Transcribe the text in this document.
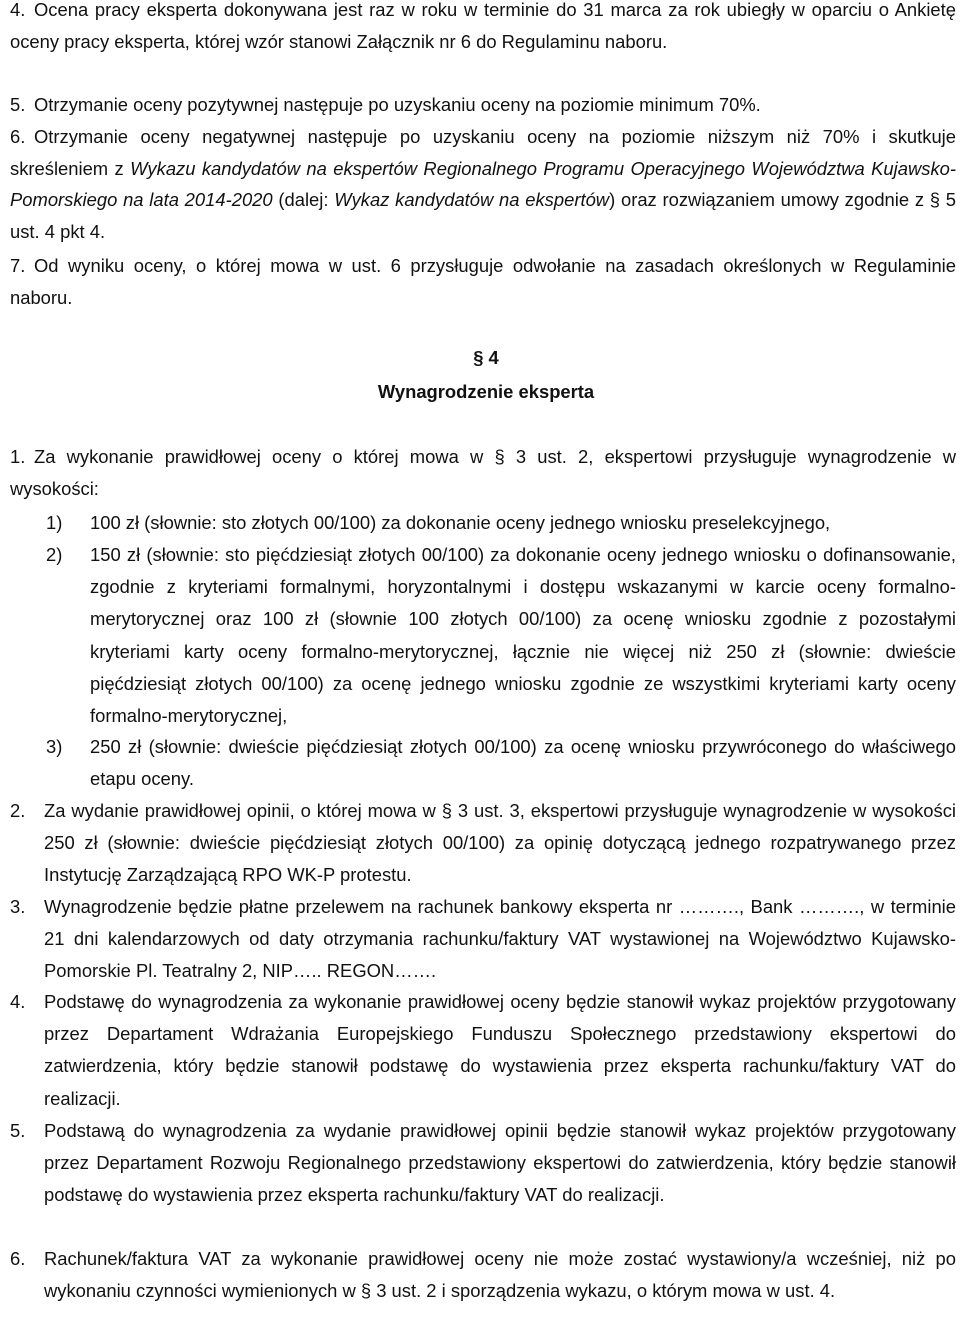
4. Ocena pracy eksperta dokonywana jest raz w roku w terminie do 31 marca za rok ubiegły w oparciu o Ankietę oceny pracy eksperta, której wzór stanowi Załącznik nr 6 do Regulaminu naboru.

5. Otrzymanie oceny pozytywnej następuje po uzyskaniu oceny na poziomie minimum 70%.

6. Otrzymanie oceny negatywnej następuje po uzyskaniu oceny na poziomie niższym niż 70% i skutkuje skreśleniem z Wykazu kandydatów na ekspertów Regionalnego Programu Operacyjnego Województwa Kujawsko-Pomorskiego na lata 2014-2020 (dalej: Wykaz kandydatów na ekspertów) oraz rozwiązaniem umowy zgodnie z § 5 ust. 4 pkt 4.

7. Od wyniku oceny, o której mowa w ust. 6 przysługuje odwołanie na zasadach określonych w Regulaminie naboru.

§ 4

Wynagrodzenie eksperta

1. Za wykonanie prawidłowej oceny o której mowa w § 3 ust. 2, ekspertowi przysługuje wynagrodzenie w wysokości:

1) 100 zł (słownie: sto złotych 00/100) za dokonanie oceny jednego wniosku preselekcyjnego,
2) 150 zł (słownie: sto pięćdziesiąt złotych 00/100) za dokonanie oceny jednego wniosku o dofinansowanie, zgodnie z kryteriami formalnymi, horyzontalnymi i dostępu wskazanymi w karcie oceny formalno-merytorycznej oraz 100 zł (słownie 100 złotych 00/100) za ocenę wniosku zgodnie z pozostałymi kryteriami karty oceny formalno-merytorycznej, łącznie nie więcej niż 250 zł (słownie: dwieście pięćdziesiąt złotych 00/100) za ocenę jednego wniosku zgodnie ze wszystkimi kryteriami karty oceny formalno-merytorycznej,
3) 250 zł (słownie: dwieście pięćdziesiąt złotych 00/100) za ocenę wniosku przywróconego do właściwego etapu oceny.
2. Za wydanie prawidłowej opinii, o której mowa w § 3 ust. 3, ekspertowi przysługuje wynagrodzenie w wysokości 250 zł (słownie: dwieście pięćdziesiąt złotych 00/100) za opinię dotyczącą jednego rozpatrywanego przez Instytucję Zarządzającą RPO WK-P protestu.
3. Wynagrodzenie będzie płatne przelewem na rachunek bankowy eksperta nr ………., Bank ………., w terminie 21 dni kalendarzowych od daty otrzymania rachunku/faktury VAT wystawionej na Województwo Kujawsko-Pomorskie Pl. Teatralny 2, NIP….. REGON…….
4. Podstawę do wynagrodzenia za wykonanie prawidłowej oceny będzie stanowił wykaz projektów przygotowany przez Departament Wdrażania Europejskiego Funduszu Społecznego przedstawiony ekspertowi do zatwierdzenia, który będzie stanowił podstawę do wystawienia przez eksperta rachunku/faktury VAT do realizacji.
5. Podstawą do wynagrodzenia za wydanie prawidłowej opinii będzie stanowił wykaz projektów przygotowany przez Departament Rozwoju Regionalnego przedstawiony ekspertowi do zatwierdzenia, który będzie stanowił podstawę do wystawienia przez eksperta rachunku/faktury VAT do realizacji.
6. Rachunek/faktura VAT za wykonanie prawidłowej oceny nie może zostać wystawiony/a wcześniej, niż po wykonaniu czynności wymienionych w § 3 ust. 2 i sporządzenia wykazu, o którym mowa w ust. 4.
